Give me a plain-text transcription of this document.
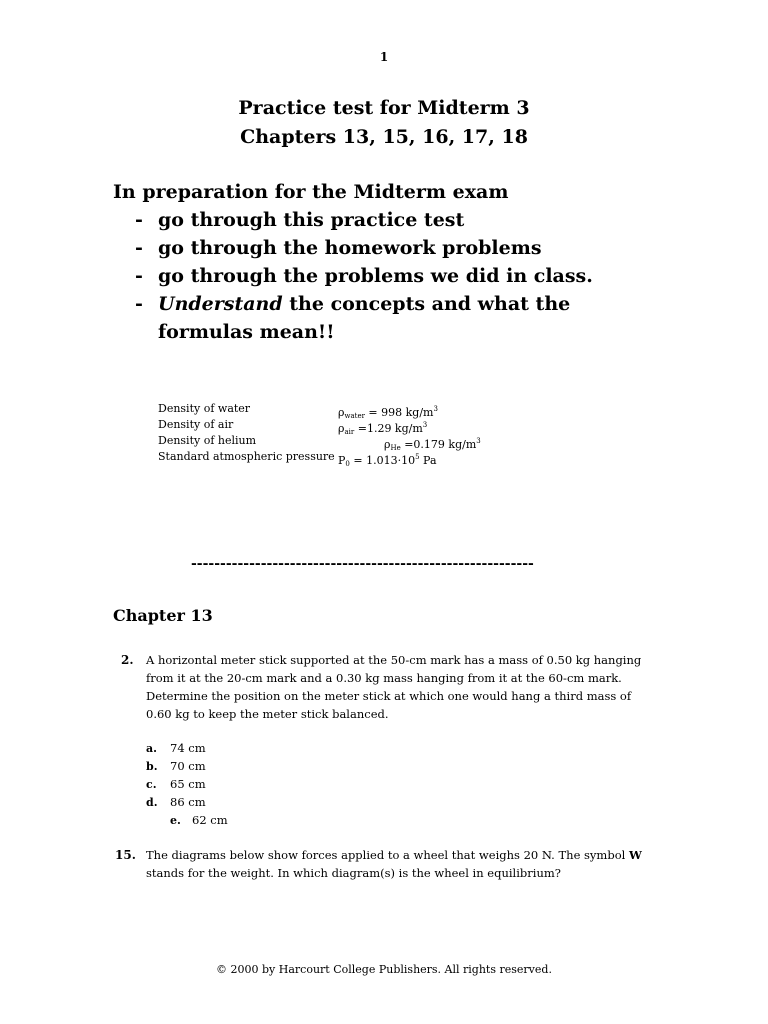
1
Practice test for Midterm 3
Chapters 13, 15, 16, 17, 18
In preparation for the Midterm exam
- go through this practice test
- go through the homework problems
- go through the problems we did in class.
- Understand the concepts and what the formulas mean!!
Density of water	$\rho_{water} = 998$ $kg/m^3$
Density of air	$\rho_{air} =1.29$ $kg/m^3$
Density of helium	$\rho_{He} =0.179$ $kg/m^3$
Standard atmospheric pressure $P_0 = 1.013\cdot 10^5$ Pa
-----------------------------------------------------------
Chapter 13
2. A horizontal meter stick supported at the 50-cm mark has a mass of 0.50 kg hanging from it at the 20-cm mark and a 0.30 kg mass hanging from it at the 60-cm mark. Determine the position on the meter stick at which one would hang a third mass of 0.60 kg to keep the meter stick balanced.
a. 74 cm
b. 70 cm
c. 65 cm
d. 86 cm
e. 62 cm
15. The diagrams below show forces applied to a wheel that weighs 20 N. The symbol W stands for the weight. In which diagram(s) is the wheel in equilibrium?
© 2000 by Harcourt College Publishers. All rights reserved.
